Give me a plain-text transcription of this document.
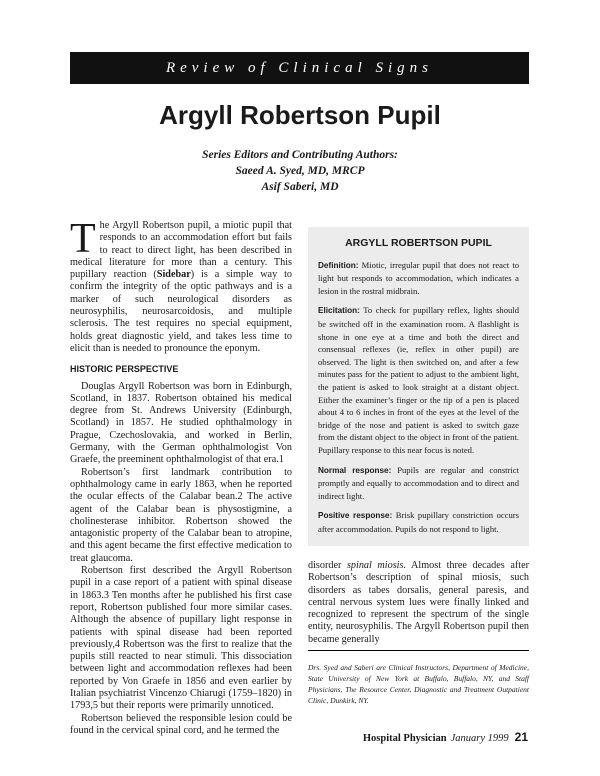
Review of Clinical Signs
Argyll Robertson Pupil
Series Editors and Contributing Authors:
Saeed A. Syed, MD, MRCP
Asif Saberi, MD

The Argyll Robertson pupil, a miotic pupil that responds to an accommodation effort but fails to react to direct light, has been described in medical literature for more than a century. This pupillary reaction (Sidebar) is a simple way to confirm the integrity of the optic pathways and is a marker of such neurological disorders as neurosyphilis, neurosarcoidosis, and multiple sclerosis. The test requires no special equipment, holds great diagnostic yield, and takes less time to elicit than is needed to pronounce the eponym.

HISTORIC PERSPECTIVE

Douglas Argyll Robertson was born in Edinburgh, Scotland, in 1837. Robertson obtained his medical degree from St. Andrews University (Edinburgh, Scotland) in 1857. He studied ophthalmology in Prague, Czechoslovakia, and worked in Berlin, Germany, with the German ophthalmologist Von Graefe, the preeminent ophthalmologist of that era.1

Robertson’s first landmark contribution to ophthalmology came in early 1863, when he reported the ocular effects of the Calabar bean.2 The active agent of the Calabar bean is physostigmine, a cholinesterase inhibitor. Robertson showed the antagonistic property of the Calabar bean to atropine, and this agent became the first effective medication to treat glaucoma.

Robertson first described the Argyll Robertson pupil in a case report of a patient with spinal disease in 1863.3 Ten months after he published his first case report, Robertson published four more similar cases. Although the absence of pupillary light response in patients with spinal disease had been reported previously,4 Robertson was the first to realize that the pupils still reacted to near stimuli. This dissociation between light and accommodation reflexes had been reported by Von Graefe in 1856 and even earlier by Italian psychiatrist Vincenzo Chiarugi (1759–1820) in 1793,5 but their reports were primarily unnoticed.

Robertson believed the responsible lesion could be found in the cervical spinal cord, and he termed the

ARGYLL ROBERTSON PUPIL

Definition: Miotic, irregular pupil that does not react to light but responds to accommodation, which indicates a lesion in the rostral midbrain.

Elicitation: To check for pupillary reflex, lights should be switched off in the examination room. A flashlight is shone in one eye at a time and both the direct and consensual reflexes (ie, reflex in other pupil) are observed. The light is then switched on, and after a few minutes pass for the patient to adjust to the ambient light, the patient is asked to look straight at a distant object. Either the examiner’s finger or the tip of a pen is placed about 4 to 6 inches in front of the eyes at the level of the bridge of the nose and patient is asked to switch gaze from the distant object to the object in front of the patient. Pupillary response to this near focus is noted.

Normal response: Pupils are regular and constrict promptly and equally to accommodation and to direct and indirect light.

Positive response: Brisk pupillary constriction occurs after accommodation. Pupils do not respond to light.

disorder spinal miosis. Almost three decades after Robertson’s description of spinal miosis, such disorders as tabes dorsalis, general paresis, and central nervous system lues were finally linked and recognized to represent the spectrum of the single entity, neurosyphilis. The Argyll Robertson pupil then became generally

Drs. Syed and Saberi are Clinical Instructors, Department of Medicine, State University of New York at Buffalo, Buffalo, NY, and Staff Physicians, The Resource Center, Diagnostic and Treatment Outpatient Clinic, Dunkirk, NY.
Hospital Physician January 1999 21
